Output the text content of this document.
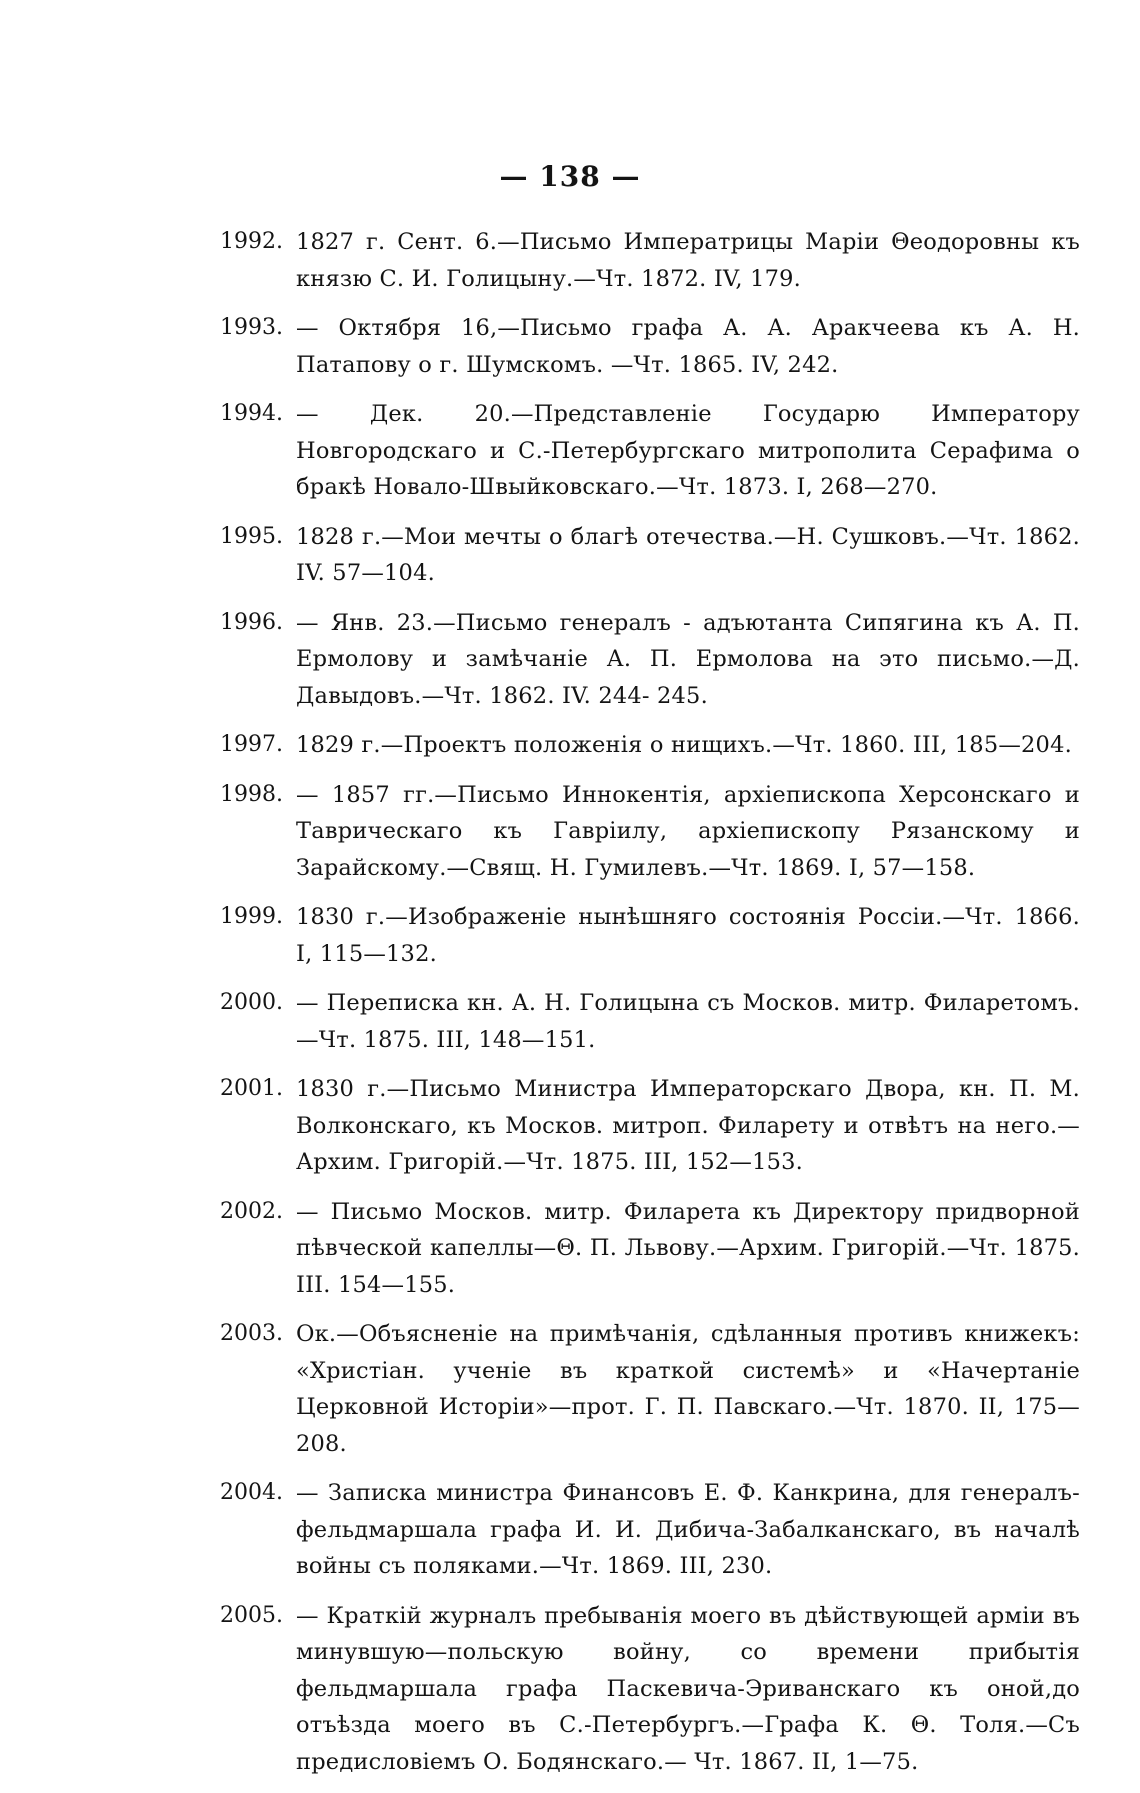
— 138 —
1992. 1827 г. Сент. 6.—Письмо Императрицы Маріи Θеодоровны къ князю С. И. Голицыну.—Чт. 1872. IV, 179.
1993. — Октября 16,—Письмо графа А. А. Аракчеева къ А. Н. Патапову о г. Шумскомъ. —Чт. 1865. IV, 242.
1994. — Дек. 20.—Представленіе Государю Императору Новгородскаго и С.-Петербургскаго митрополита Серафима о бракѣ Новало-Швыйковскаго.—Чт. 1873. I, 268—270.
1995. 1828 г.—Мои мечты о благѣ отечества.—Н. Сушковъ.—Чт. 1862. IV. 57—104.
1996. — Янв. 23.—Письмо генералъ - адъютанта Сипягина къ А. П. Ермолову и замѣчаніе А. П. Ермолова на это письмо.—Д. Давыдовъ.—Чт. 1862. IV. 244- 245.
1997. 1829 г.—Проектъ положенія о нищихъ.—Чт. 1860. III, 185—204.
1998. — 1857 гг.—Письмо Иннокентія, архіепископа Херсонскаго и Таврическаго къ Гаврiилу, архіепископу Рязанскому и Зарайскому.—Свящ. Н. Гумилевъ.—Чт. 1869. I, 57—158.
1999. 1830 г.—Изображеніе нынѣшняго состоянія Россіи.—Чт. 1866. I, 115—132.
2000. — Переписка кн. А. Н. Голицына съ Москов. митр. Филаретомъ. —Чт. 1875. III, 148—151.
2001. 1830 г.—Письмо Министра Императорскаго Двора, кн. П. М. Волконскаго, къ Москов. митроп. Филарету и отвѣтъ на него.— Архим. Григорій.—Чт. 1875. III, 152—153.
2002. — Письмо Москов. митр. Филарета къ Директору придворной пѣвческой капеллы—Θ. П. Львову.—Архим. Григорій.—Чт. 1875. III. 154—155.
2003. Ок.—Объясненіе на примѣчанія, сдѣланныя противъ книжекъ: «Христіан. ученіе въ краткой системѣ» и «Начертаніе Церковной Исторіи»—прот. Г. П. Павскаго.—Чт. 1870. II, 175—208.
2004. — Записка министра Финансовъ Е. Ф. Канкрина, для генералъ-фельдмаршала графа И. И. Дибича-Забалканскаго, въ началѣ войны съ поляками.—Чт. 1869. III, 230.
2005. — Краткій журналъ пребыванія моего въ дѣйствующей арміи въ минувшую—польскую войну, со времени прибытія фельдмаршала графа Паскевича-Эриванскаго къ оной,до отъѣзда моего въ С.-Петербургъ.—Графа К. Θ. Толя.—Съ предисловіемъ О. Бодянскаго.— Чт. 1867. II, 1—75.
